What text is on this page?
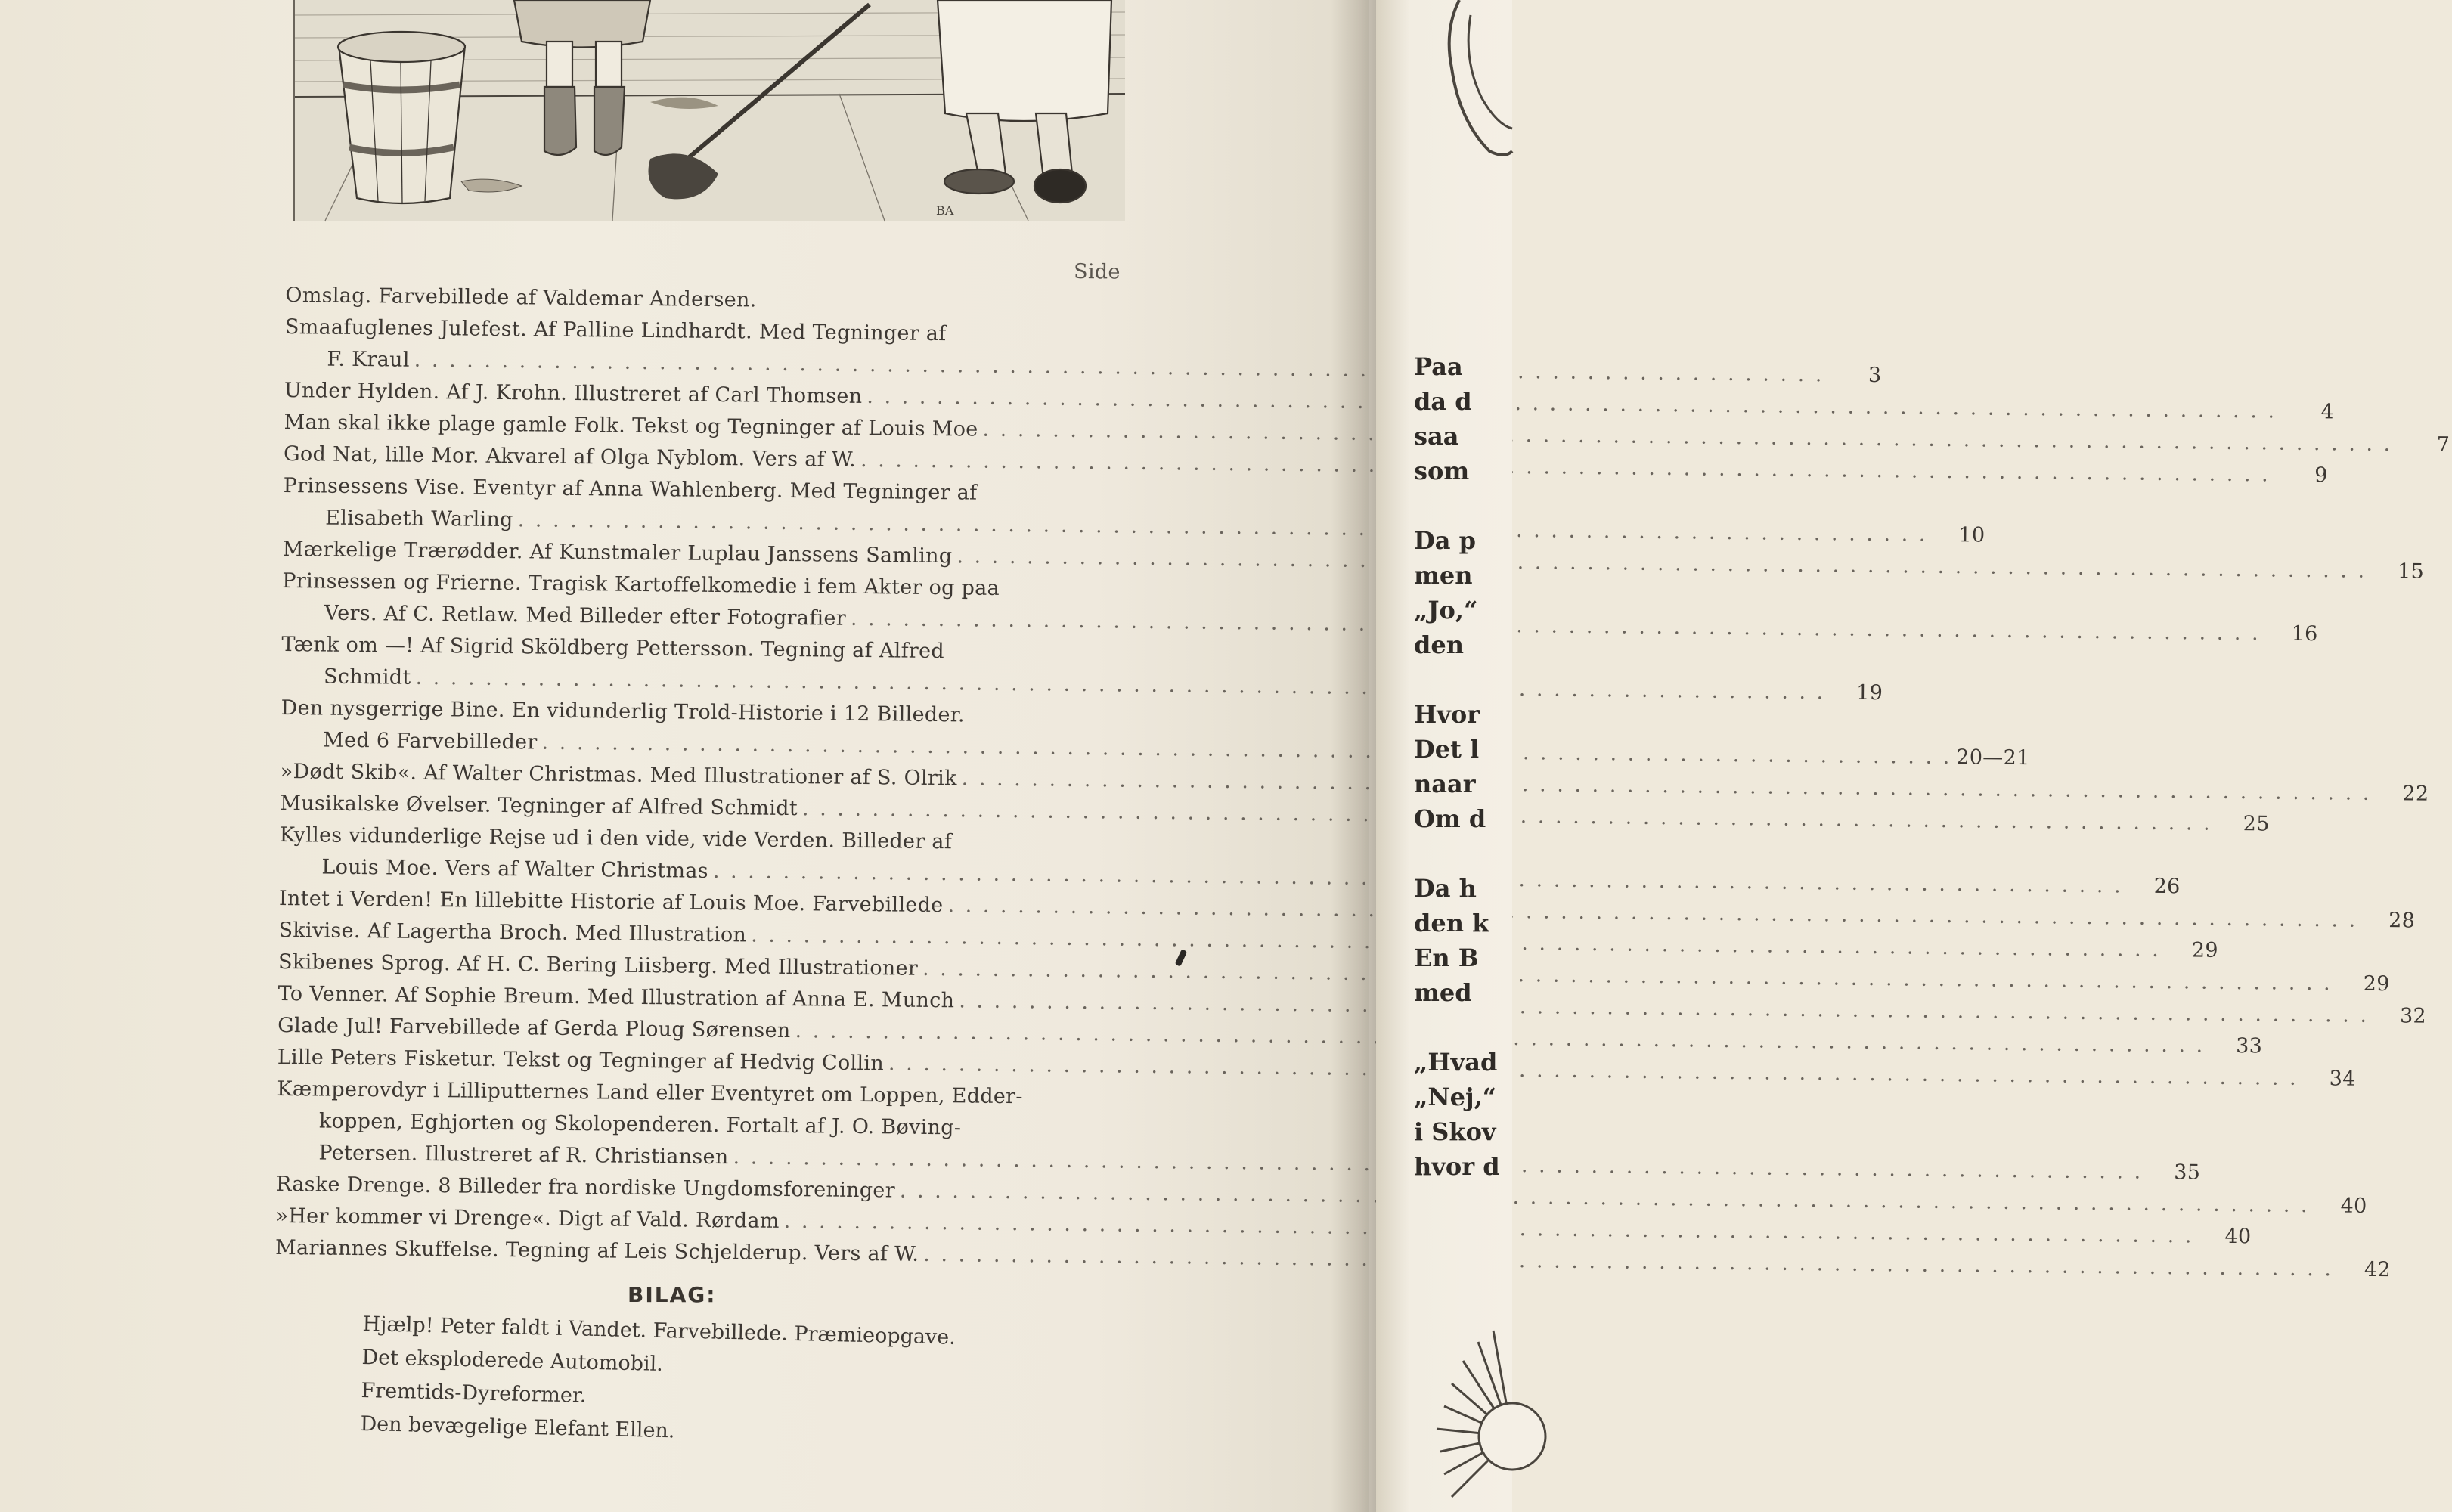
BA
Side
Omslag. Farvebillede af Valdemar Andersen.
Smaafuglenes Julefest. Af Palline Lindhardt. Med Tegninger af
F. Kraul
. . .
3
Under Hylden. Af J. Krohn. Illustreret af Carl Thomsen
. . .
4
Man skal ikke plage gamle Folk. Tekst og Tegninger af Louis Moe
. . .
7
God Nat, lille Mor. Akvarel af Olga Nyblom. Vers af W.
. . .
9
Prinsessens Vise. Eventyr af Anna Wahlenberg. Med Tegninger af
Elisabeth Warling
. . .
10
Mærkelige Trærødder. Af Kunstmaler Luplau Janssens Samling
. . .
15
Prinsessen og Frierne. Tragisk Kartoffelkomedie i fem Akter og paa
Vers. Af C. Retlaw. Med Billeder efter Fotografier
. . .
16
Tænk om —! Af Sigrid Sköldberg Pettersson. Tegning af Alfred
Schmidt
. . .
19
Den nysgerrige Bine. En vidunderlig Trold-Historie i 12 Billeder.
Med 6 Farvebilleder
. . .
20—21
»Dødt Skib«. Af Walter Christmas. Med Illustrationer af S. Olrik
. . .
22
Musikalske Øvelser. Tegninger af Alfred Schmidt
. . .
25
Kylles vidunderlige Rejse ud i den vide, vide Verden. Billeder af
Louis Moe. Vers af Walter Christmas
. . .
26
Intet i Verden! En lillebitte Historie af Louis Moe. Farvebillede
. . .
28
Skivise. Af Lagertha Broch. Med Illustration
. . .
29
Skibenes Sprog. Af H. C. Bering Liisberg. Med Illustrationer
. . .
29
To Venner. Af Sophie Breum. Med Illustration af Anna E. Munch
. . .
32
Glade Jul! Farvebillede af Gerda Ploug Sørensen
. . .
33
Lille Peters Fisketur. Tekst og Tegninger af Hedvig Collin
. . .
34
Kæmperovdyr i Lilliputternes Land eller Eventyret om Loppen, Edder-
koppen, Eghjorten og Skolopenderen. Fortalt af J. O. Bøving-
Petersen. Illustreret af R. Christiansen
. . .
35
Raske Drenge. 8 Billeder fra nordiske Ungdomsforeninger
. . .
40
»Her kommer vi Drenge«. Digt af Vald. Rørdam
. . .
40
Mariannes Skuffelse. Tegning af Leis Schjelderup. Vers af W.
. . .
42
BILAG:
Hjælp! Peter faldt i Vandet. Farvebillede. Præmieopgave.
Det eksploderede Automobil.
Fremtids-Dyreformer.
Den bevægelige Elefant Ellen.
Paa
da d
saa
som
Da p
men
„Jo,“
den
Hvor
Det l
naar
Om d
Da h
den k
En B
med
„Hvad
„Nej,“
i Skov
hvor d
